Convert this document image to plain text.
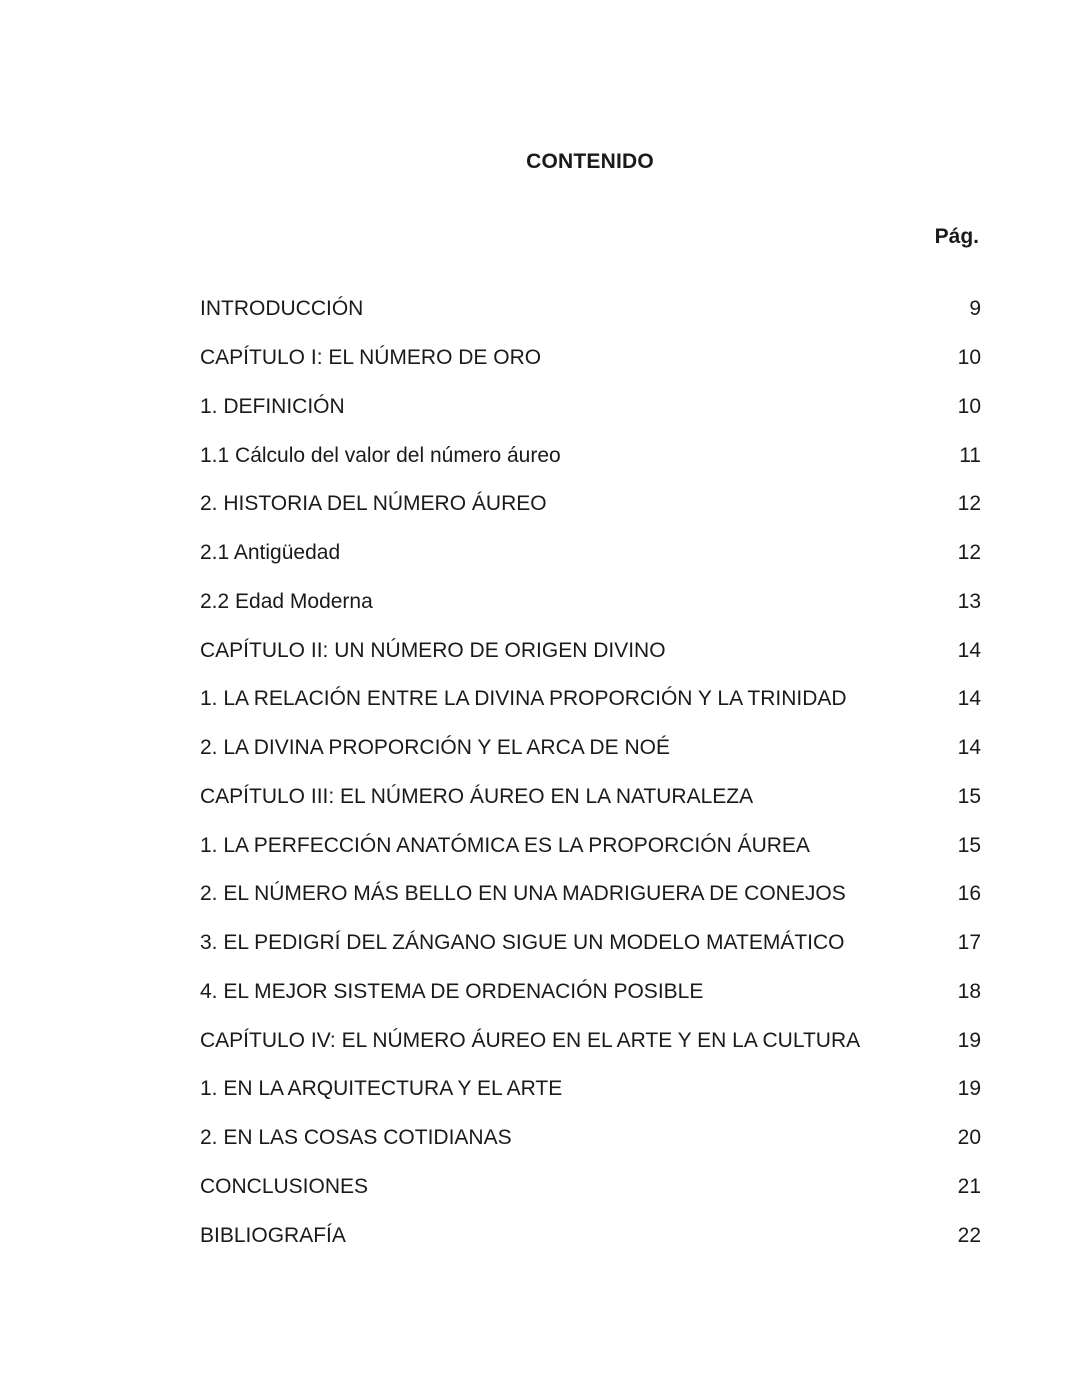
CONTENIDO
Pág.
INTRODUCCIÓN	9
CAPÍTULO I: EL NÚMERO DE ORO	10
1. DEFINICIÓN	10
1.1 Cálculo del valor del número áureo	11
2. HISTORIA DEL NÚMERO ÁUREO	12
2.1 Antigüedad	12
2.2 Edad Moderna	13
CAPÍTULO II: UN NÚMERO DE ORIGEN DIVINO	14
1. LA RELACIÓN ENTRE LA DIVINA PROPORCIÓN Y LA TRINIDAD	14
2. LA DIVINA PROPORCIÓN Y EL ARCA DE NOÉ	14
CAPÍTULO III: EL NÚMERO ÁUREO EN LA NATURALEZA	15
1. LA PERFECCIÓN ANATÓMICA ES LA PROPORCIÓN ÁUREA	15
2. EL NÚMERO MÁS BELLO EN UNA MADRIGUERA DE CONEJOS	16
3. EL PEDIGRÍ DEL ZÁNGANO SIGUE UN MODELO MATEMÁTICO	17
4. EL MEJOR SISTEMA DE ORDENACIÓN POSIBLE	18
CAPÍTULO IV: EL NÚMERO ÁUREO EN EL ARTE Y EN LA CULTURA	19
1. EN LA ARQUITECTURA Y EL ARTE	19
2. EN LAS COSAS COTIDIANAS	20
CONCLUSIONES	21
BIBLIOGRAFÍA	22
